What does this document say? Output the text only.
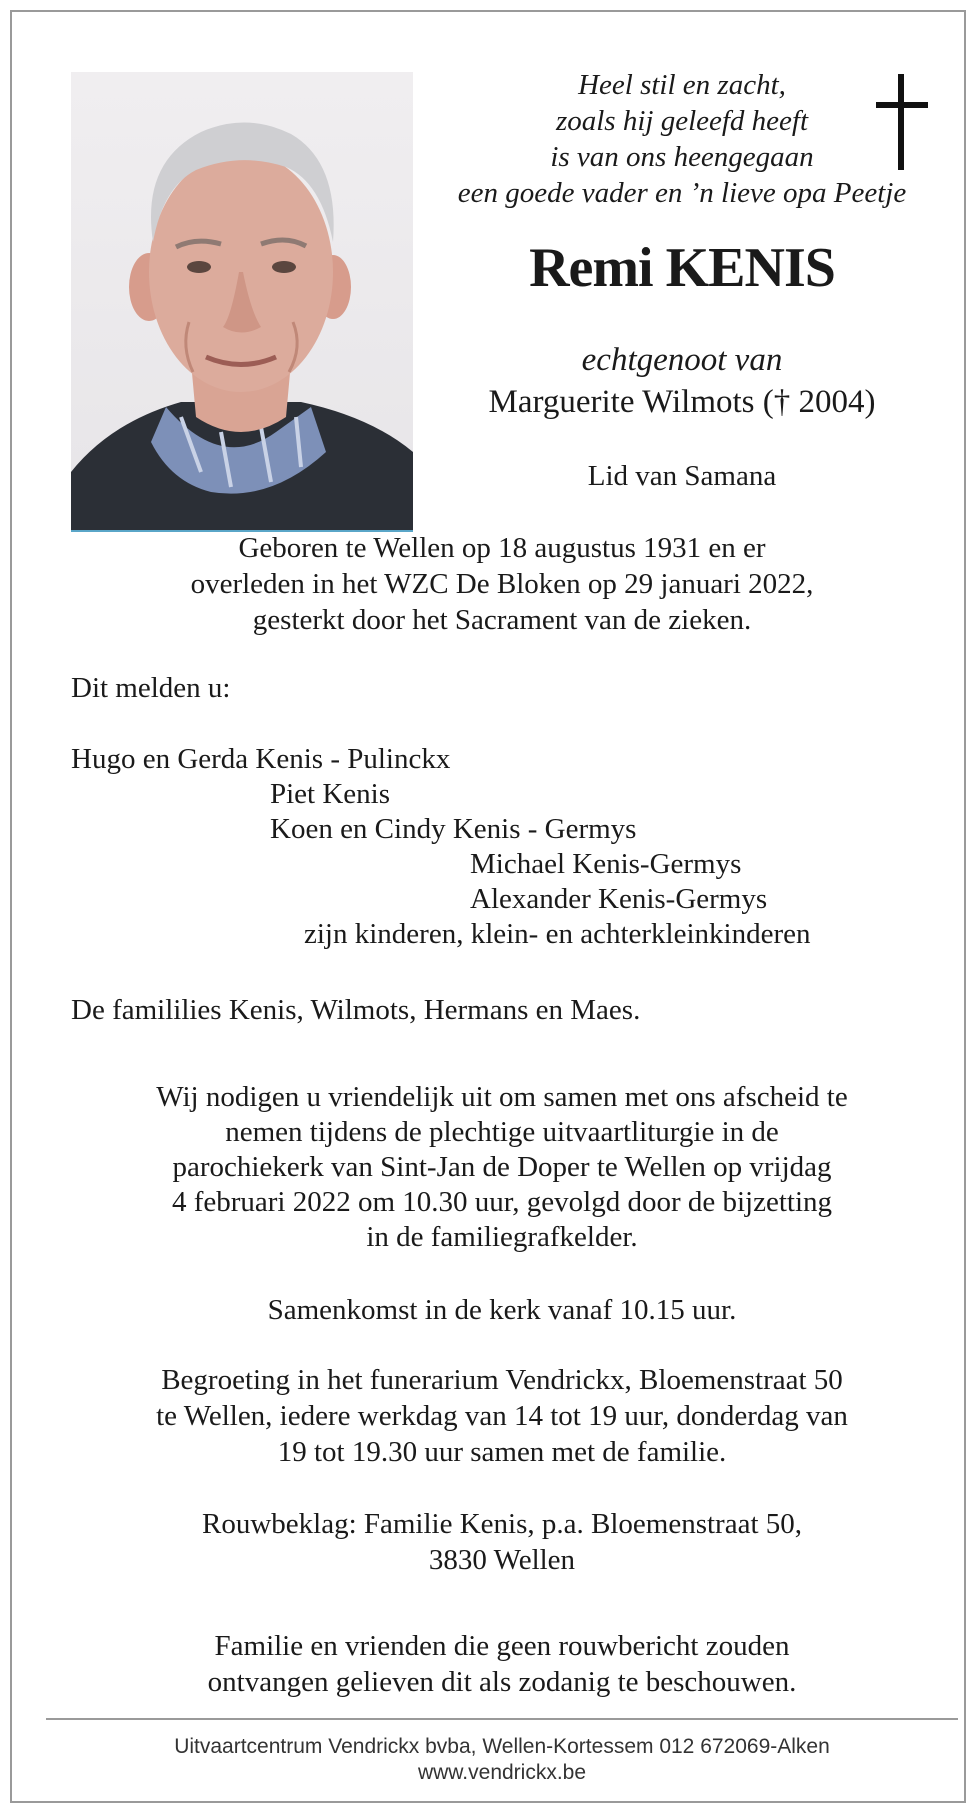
Heel stil en zacht,
zoals hij geleefd heeft
is van ons heengegaan
een goede vader en ’n lieve opa Peetje
Remi KENIS
echtgenoot van
Marguerite Wilmots († 2004)
Lid van Samana
Geboren te Wellen op 18 augustus 1931 en er
overleden in het WZC De Bloken op 29 januari 2022,
gesterkt door het Sacrament van de zieken.
Dit melden u:
Hugo en Gerda Kenis - Pulinckx
Piet Kenis
Koen en Cindy Kenis - Germys
Michael Kenis-Germys
Alexander Kenis-Germys
zijn kinderen, klein- en achterkleinkinderen
De famililies Kenis, Wilmots, Hermans en Maes.
Wij nodigen u vriendelijk uit om samen met ons afscheid te
nemen tijdens de plechtige uitvaartliturgie in de
parochiekerk van Sint-Jan de Doper te Wellen op vrijdag
4 februari 2022 om 10.30 uur, gevolgd door de bijzetting
in de familiegrafkelder.
Samenkomst in de kerk vanaf 10.15 uur.
Begroeting in het funerarium Vendrickx, Bloemenstraat 50
te Wellen, iedere werkdag van 14 tot 19 uur, donderdag van
19 tot 19.30 uur samen met de familie.
Rouwbeklag: Familie Kenis, p.a. Bloemenstraat 50,
3830 Wellen
Familie en vrienden die geen rouwbericht zouden
ontvangen gelieven dit als zodanig te beschouwen.
Uitvaartcentrum Vendrickx bvba, Wellen-Kortessem 012 672069-Alken
www.vendrickx.be
